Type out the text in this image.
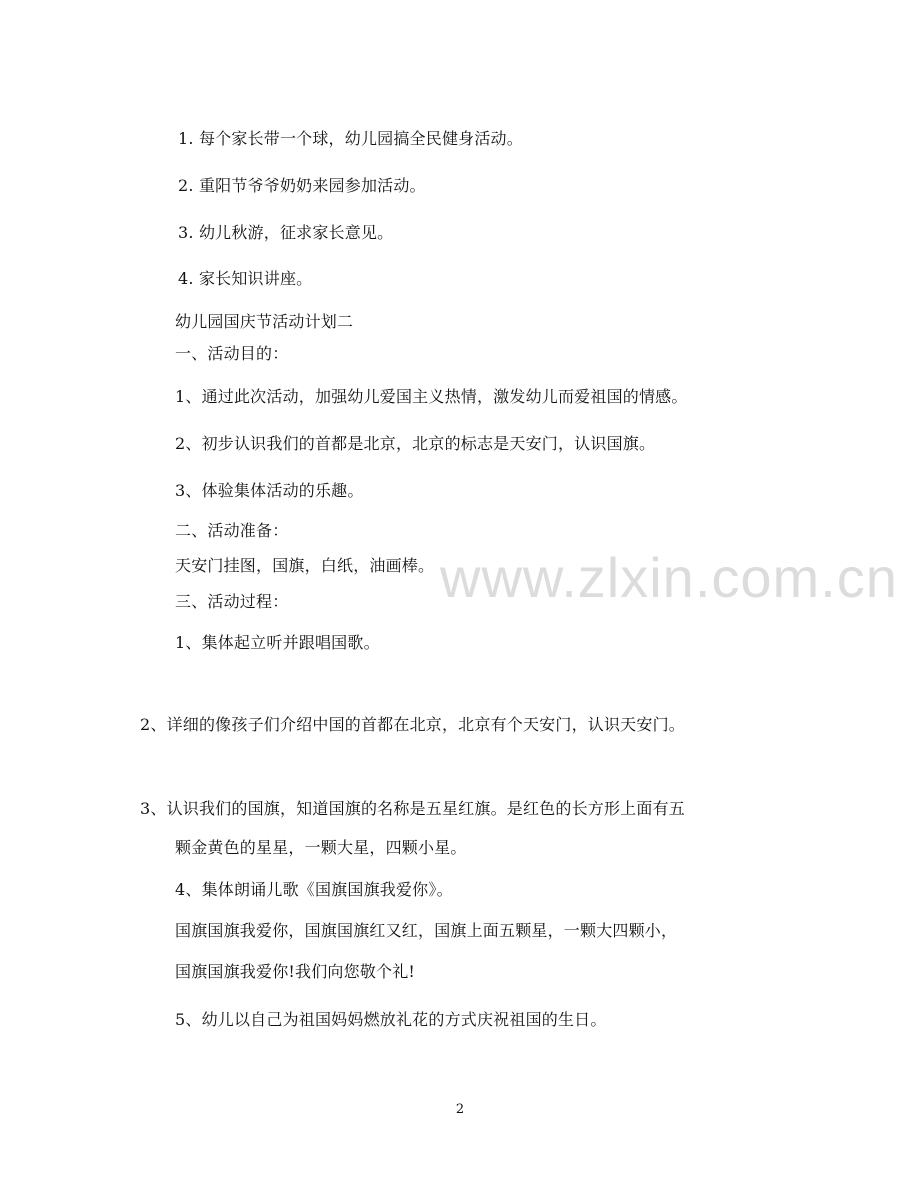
1. 每个家长带一个球，幼儿园搞全民健身活动。
2. 重阳节爷爷奶奶来园参加活动。
3. 幼儿秋游，征求家长意见。
4. 家长知识讲座。
幼儿园国庆节活动计划二
一、活动目的：
1、通过此次活动，加强幼儿爱国主义热情，激发幼儿而爱祖国的情感。
2、初步认识我们的首都是北京，北京的标志是天安门，认识国旗。
3、体验集体活动的乐趣。
二、活动准备：
天安门挂图，国旗，白纸，油画棒。
三、活动过程：
1、集体起立听并跟唱国歌。
2、详细的像孩子们介绍中国的首都在北京，北京有个天安门，认识天安门。
3、认识我们的国旗，知道国旗的名称是五星红旗。是红色的长方形上面有五
颗金黄色的星星，一颗大星，四颗小星。
4、集体朗诵儿歌《国旗国旗我爱你》。
国旗国旗我爱你，国旗国旗红又红，国旗上面五颗星，一颗大四颗小，
国旗国旗我爱你!我们向您敬个礼!
5、幼儿以自己为祖国妈妈燃放礼花的方式庆祝祖国的生日。
www.zlxin.com.cn
2
